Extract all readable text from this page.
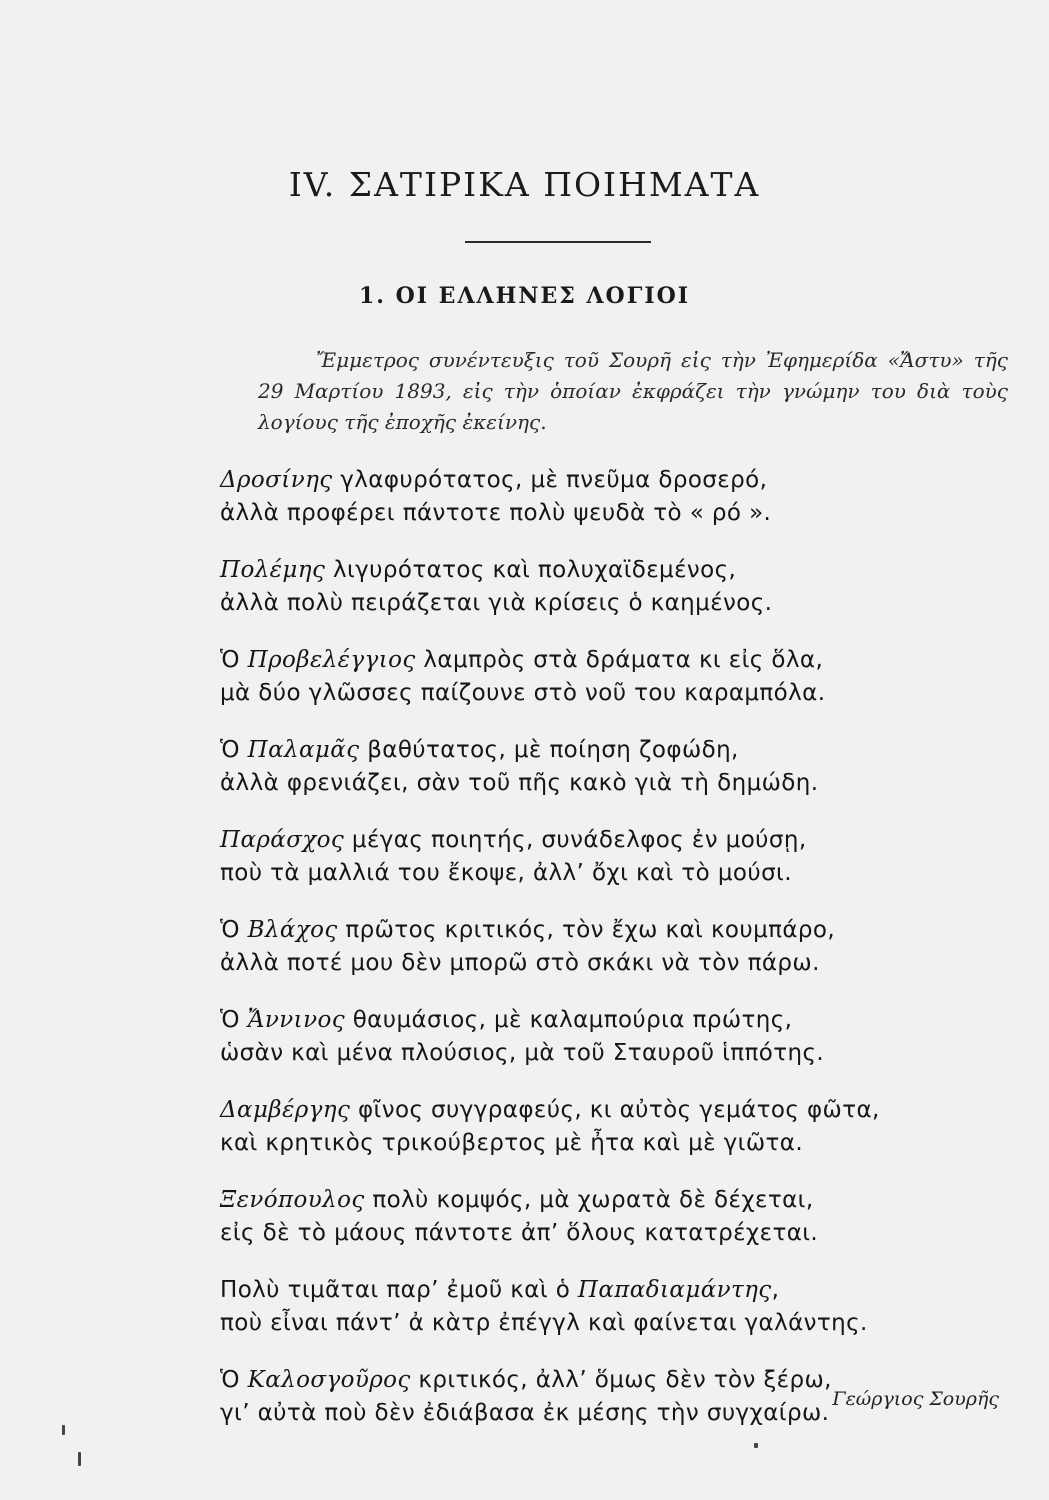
IV. ΣΑΤΙΡΙΚΑ ΠΟΙΗΜΑΤΑ
1. ΟΙ ΕΛΛΗΝΕΣ ΛΟΓΙΟΙ
Ἔμμετρος συνέντευξις τοῦ Σουρῆ εἰς τὴν Ἐφημερίδα «Ἄστυ» τῆς 29 Μαρτίου 1893, εἰς τὴν ὁποίαν ἐκφράζει τὴν γνώμην του διὰ τοὺς λογίους τῆς ἐποχῆς ἐκείνης.
Δροσίνης γλαφυρότατος, μὲ πνεῦμα δροσερό,
ἀλλὰ προφέρει πάντοτε πολὺ ψευδὰ τὸ « ρό ».
Πολέμης λιγυρότατος καὶ πολυχαϊδεμένος,
ἀλλὰ πολὺ πειράζεται γιὰ κρίσεις ὁ καημένος.
Ὁ Προβελέγγιος λαμπρὸς στὰ δράματα κι εἰς ὅλα,
μὰ δύο γλῶσσες παίζουνε στὸ νοῦ του καραμπόλα.
Ὁ Παλαμᾶς βαθύτατος, μὲ ποίηση ζοφώδη,
ἀλλὰ φρενιάζει, σὰν τοῦ πῆς κακὸ γιὰ τὴ δημώδη.
Παράσχος μέγας ποιητής, συνάδελφος ἐν μούσῃ,
ποὺ τὰ μαλλιά του ἔκοψε, ἀλλ’ ὄχι καὶ τὸ μούσι.
Ὁ Βλάχος πρῶτος κριτικός, τὸν ἔχω καὶ κουμπάρο,
ἀλλὰ ποτέ μου δὲν μπορῶ στὸ σκάκι νὰ τὸν πάρω.
Ὁ Ἄννινος θαυμάσιος, μὲ καλαμπούρια πρώτης,
ὡσὰν καὶ μένα πλούσιος, μὰ τοῦ Σταυροῦ ἱππότης.
Δαμβέργης φῖνος συγγραφεύς, κι αὐτὸς γεμάτος φῶτα,
καὶ κρητικὸς τρικούβερτος μὲ ἦτα καὶ μὲ γιῶτα.
Ξενόπουλος πολὺ κομψός, μὰ χωρατὰ δὲ δέχεται,
εἰς δὲ τὸ μάους πάντοτε ἀπ’ ὅλους κατατρέχεται.
Πολὺ τιμᾶται παρ’ ἐμοῦ καὶ ὁ Παπαδιαμάντης,
ποὺ εἶναι πάντ’ ἀ κὰτρ ἐπέγγλ καὶ φαίνεται γαλάντης.
Ὁ Καλοσγοῦρος κριτικός, ἀλλ’ ὅμως δὲν τὸν ξέρω,
γι’ αὐτὰ ποὺ δὲν ἐδιάβασα ἐκ μέσης τὴν συγχαίρω.
Γεώργιος Σουρῆς
